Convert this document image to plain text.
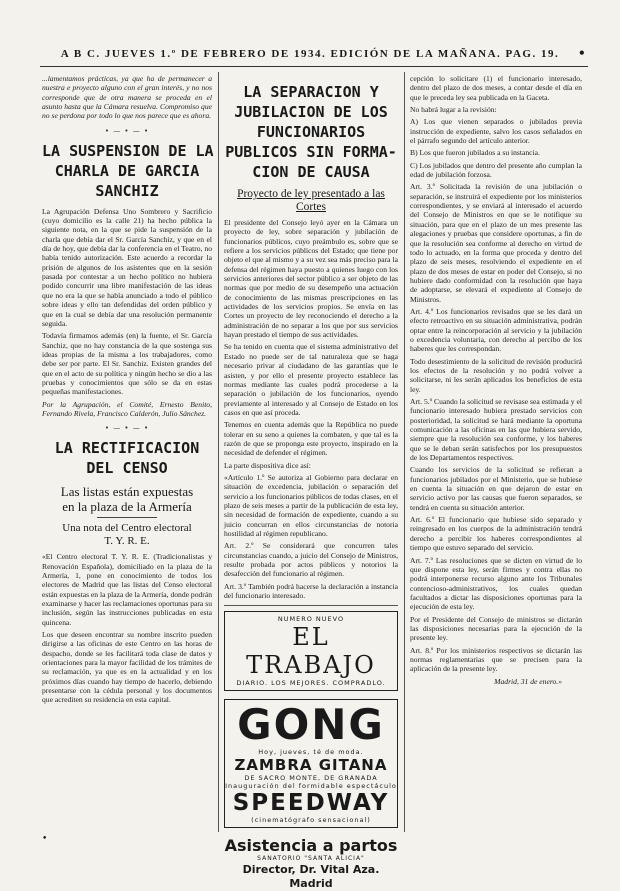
A B C. JUEVES 1.º DE FEBRERO DE 1934. EDICIÓN DE LA MAÑANA. PAG. 19. •

...lamentamos prácticas, ya que ha de permanecer a nuestra e proyecto alguno con el gran interés, y no nos corresponde que de otra manera se proceda en el asunto hasta que la Cámara resuelva. Compromiso que no se perdona por todo lo que nos parece que es ahora.

• — • — •
LA SUSPENSION DE LA
CHARLA DE GARCIA
SANCHIZ

La Agrupación Defensa Uno Sombrero y Sacrificio (cuyo domicilio es la calle 21) ha hecho pública la siguiente nota, en la que se pide la suspensión de la charla que debía dar el Sr. García Sanchiz, y que en el día de hoy, que debía dar la conferencia en el Teatro, no había tenido autorización. Este acuerdo a recordar la prisión de algunos de los asistentes que en la sesión pasada por contestar a un hecho político no hubiera podido concurrir una libre manifestación de las ideas que no era la que se había anunciado a todo el público sobre ideas y ello tan defendidas del orden público y que en la cual se debía dar una resolución permanente seguida.

Todavía firmamos además (en) la fuente, el Sr. García Sanchiz, que no hay constancia de la que sostenga sus ideas propias de la misma a los trabajadores, como debe ser por parte. El Sr. Sanchiz. Existen grandes del que en el acto de su política y ningún hecho se dio a las pruebas y conocimientos que sólo se da en estas pequeñas manifestaciones.

Por la Agrupación, el Comité, Ernesto Benito, Fernando Rivela, Francisco Calderón, Julio Sánchez.

• — • — •
LA RECTIFICACION
DEL CENSO
Las listas están expuestas
en la plaza de la Armería
Una nota del Centro electoral
T. Y. R. E.

«El Centro electoral T. Y. R. E. (Tradicionalistas y Renovación Española), domiciliado en la plaza de la Armería, 1, pone en conocimiento de todos los electores de Madrid que las listas del Censo electoral están expuestas en la plaza de la Armería, donde podrán examinarse y hacer las reclamaciones oportunas para su inclusión, según las instrucciones publicadas en esta quincena.

Los que deseen encontrar su nombre inscrito pueden dirigirse a las oficinas de este Centro en las horas de despacho, donde se les facilitará toda clase de datos y orientaciones para la mayor facilidad de los trámites de su reclamación, ya que es en la actualidad y en los próximos días cuando hay tiempo de hacerlo, debiendo presentarse con la cédula personal y los documentos que acrediten su residencia en esta capital.

LA SEPARACION Y
JUBILACION DE LOS
FUNCIONARIOS
PUBLICOS SIN FORMA-
CION DE CAUSA
Proyecto de ley presentado a las
Cortes

El presidente del Consejo leyó ayer en la Cámara un proyecto de ley, sobre separación y jubilación de funcionarios públicos, cuyo preámbulo es, sobre que se refiere a los servicios públicos del Estado; que tiene por objeto el que al mismo y a su vez sea más preciso para la defensa del régimen haya puesto a quienes luego con los servicios anteriores del sector público a ser objeto de las normas que por medio de su desempeño una actuación de conocimiento de las mismas prescripciones en las actividades de los servicios propios. Se envía en las Cortes un proyecto de ley reconociendo el derecho a la administración de no separar a los que por sus servicios hayan prestado el tiempo de sus actividades.

Se ha tenido en cuenta que el sistema administrativo del Estado no puede ser de tal naturaleza que se haga necesario privar al ciudadano de las garantías que le asisten, y por ello el presente proyecto establece las normas mediante las cuales podrá procederse a la separación o jubilación de los funcionarios, oyendo previamente al interesado y al Consejo de Estado en los casos en que así proceda.

Tenemos en cuenta además que la República no puede tolerar en su seno a quienes la combaten, y que tal es la razón de que se proponga este proyecto, inspirado en la necesidad de defender el régimen.

La parte dispositiva dice así:

«Artículo 1.º Se autoriza al Gobierno para declarar en situación de excedencia, jubilación o separación del servicio a los funcionarios públicos de todas clases, en el plazo de seis meses a partir de la publicación de esta ley, sin necesidad de formación de expediente, cuando a su juicio concurran en ellos circunstancias de notoria hostilidad al régimen republicano.

Art. 2.º Se considerará que concurren tales circunstancias cuando, a juicio del Consejo de Ministros, resulte probada por actos públicos y notorios la desafección del funcionario al régimen.

Art. 3.º También podrá hacerse la declaración a instancia del funcionario interesado.

NUMERO NUEVO
EL TRABAJO
DIARIO. LOS MEJORES. COMPRADLO.
GONG
Hoy, jueves, té de moda.
ZAMBRA GITANA
DE SACRO MONTE, DE GRANADA
Inauguración del formidable espectáculo
SPEEDWAY
(cinematógrafo sensacional)
Asistencia a partos
SANATORIO "SANTA ALICIA"
Director, Dr. Vital Aza. Madrid

cepción lo solicitare (1) el funcionario interesado, dentro del plazo de dos meses, a contar desde el día en que le preceda ley sea publicada en la Gaceta.

No habrá lugar a la revisión:

A) Los que vienen separados o jubilados previa instrucción de expediente, salvo los casos señalados en el párrafo segundo del artículo anterior.

B) Los que fueron jubilados a su instancia.

C) Los jubilados que dentro del presente año cumplan la edad de jubilación forzosa.

Art. 3.º Solicitada la revisión de una jubilación o separación, se instruirá el expediente por los ministerios correspondientes, y se enviará al interesado el acuerdo del Consejo de Ministros en que se le notifique su situación, para que en el plazo de un mes presente las alegaciones y pruebas que considere oportunas, a fin de que la resolución sea conforme al derecho en virtud de todo lo actuado, en la forma que proceda y dentro del plazo de seis meses, resolviendo el expediente en el plazo de dos meses de estar en poder del Consejo, si no hubiere dado conformidad con la resolución que haya de adoptarse, se elevará el expediente al Consejo de Ministros.

Art. 4.º Los funcionarios revisados que se les dará un efecto retroactivo en su situación administrativa, podrán optar entre la reincorporación al servicio y la jubilación o excedencia voluntaria, con derecho al percibo de los haberes que les correspondan.

Todo desestimiento de la solicitud de revisión producirá los efectos de la resolución y no podrá volver a solicitarse, ni les serán aplicados los beneficios de esta ley.

Art. 5.º Cuando la solicitud se revisase sea estimada y el funcionario interesado hubiera prestado servicios con posterioridad, la solicitud se hará mediante la oportuna comunicación a las oficinas en las que hubiera servido, siempre que la resolución sea conforme, y los haberes que se le deban serán satisfechos por los presupuestos de los Departamentos respectivos.

Cuando los servicios de la solicitud se refieran a funcionarios jubilados por el Ministerio, que se hubiese en cuenta la situación en que dejaron de estar en servicio activo por las causas que fueron separados, se tendrá en cuenta su situación anterior.

Art. 6.º El funcionario que hubiese sido separado y reingresado en los cuerpos de la administración tendrá derecho a percibir los haberes correspondientes al tiempo que estuvo separado del servicio.

Art. 7.º Las resoluciones que se dicten en virtud de lo que dispone esta ley, serán firmes y contra ellas no podrá interponerse recurso alguno ante los Tribunales contencioso-administrativos, los cuales quedan facultados a dictar las disposiciones oportunas para la ejecución de esta ley.

Por el Presidente del Consejo de ministros se dictarán las disposiciones necesarias para la ejecución de la presente ley.

Art. 8.º Por los ministerios respectivos se dictarán las normas reglamentarias que se precisen para la aplicación de la presente ley.

Madrid, 31 de enero.»
•
